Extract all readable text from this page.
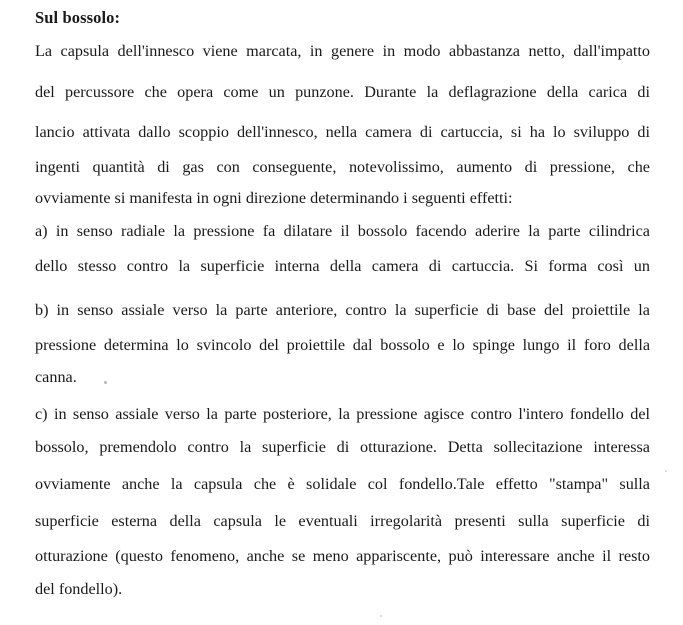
Sul bossolo:
La capsula dell'innesco viene marcata, in genere in modo abbastanza netto, dall'impatto
del percussore che opera come un punzone. Durante la deflagrazione della carica di
lancio attivata dallo scoppio dell'innesco, nella camera di cartuccia, si ha lo sviluppo di
ingenti quantità di gas con conseguente, notevolissimo, aumento di pressione, che
ovviamente si manifesta in ogni direzione determinando i seguenti effetti:
a) in senso radiale la pressione fa dilatare il bossolo facendo aderire la parte cilindrica
dello stesso contro la superficie interna della camera di cartuccia. Si forma così un
b) in senso assiale verso la parte anteriore, contro la superficie di base del proiettile la
pressione determina lo svincolo del proiettile dal bossolo e lo spinge lungo il foro della
canna.
c) in senso assiale verso la parte posteriore, la pressione agisce contro l'intero fondello del
bossolo, premendolo contro la superficie di otturazione. Detta sollecitazione interessa
ovviamente anche la capsula che è solidale col fondello.Tale effetto "stampa" sulla
superficie esterna della capsula le eventuali irregolarità presenti sulla superficie di
otturazione (questo fenomeno, anche se meno appariscente, può interessare anche il resto
del fondello).
